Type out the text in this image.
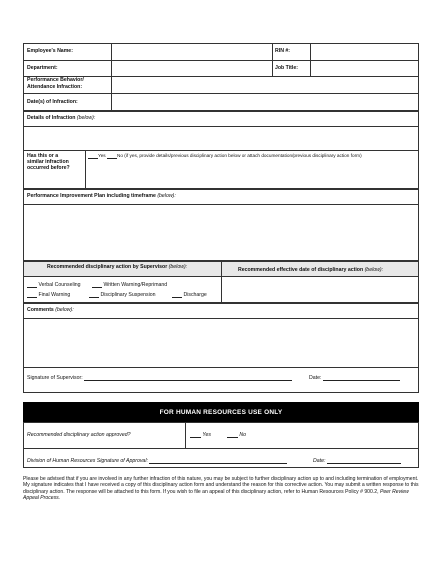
Employee's Name:	RIN #:
Department:	Job Title:
Performance Behavior/
Attendance Infraction:
Date(s) of Infraction:
Details of Infraction (below):
Has this or a
similar infraction
occurred before?
Yes No (if yes, provide details/previous disciplinary action below or attach documentation/previous disciplinary action form)
Performance Improvement Plan including timeframe (below):
Recommended disciplinary action by Supervisor (below):	Recommended effective date of disciplinary action (below):
Verbal Counseling	Written Warning/Reprimand
Final Warning	Disciplinary Suspension	Discharge
Comments (below):
Signature of Supervisor:	Date:
FOR HUMAN RESOURCES USE ONLY
Recommended disciplinary action approved?	Yes	No
Division of Human Resources Signature of Approval:	Date:
Please be advised that if you are involved in any further infraction of this nature, you may be subject to further disciplinary action up to and including termination of employment. My signature indicates that I have received a copy of this disciplinary action form and understand the reason for this corrective action. You may submit a written response to this disciplinary action. The response will be attached to this form. If you wish to file an appeal of this disciplinary action, refer to Human Resources Policy # 900.2, Peer Review Appeal Process.
